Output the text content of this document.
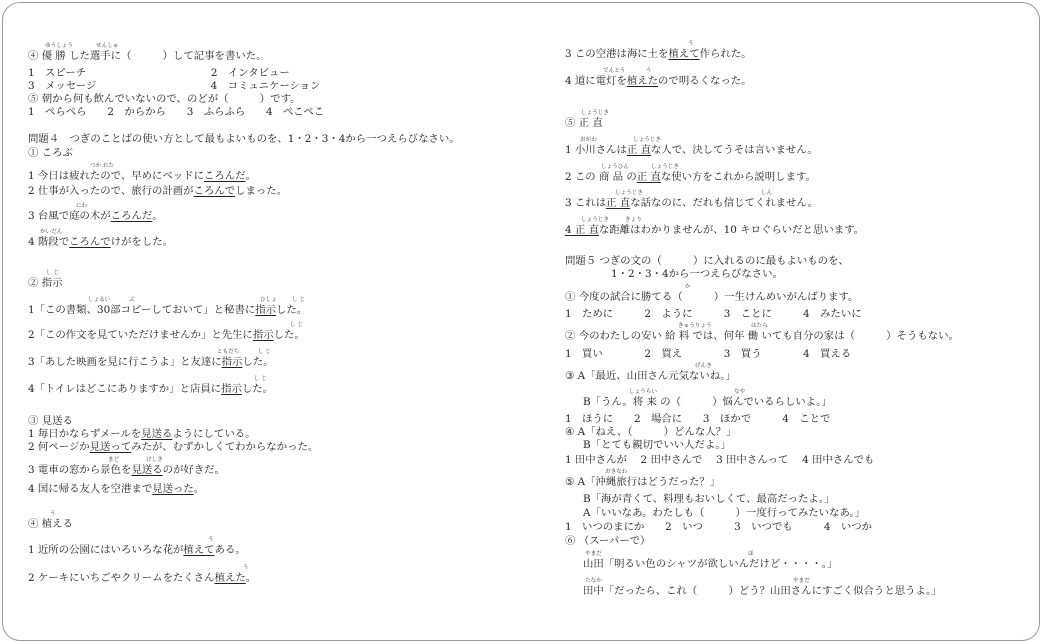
ゆうしょう	せんしゅ
④ 優 勝 した選手に（　　　）して記事を書いた。
1　スピーチ　　　　　　　　　　　　2　インタビュー
3　メッセージ　　　　　　　　　　　4　コミュニケーション
⑤ 朝から何も飲んでいないので、のどが（　　　）です。
1　ぺらぺら　　2　からから　　3　ふらふら　　4　ぺこぺこ
問題４　つぎのことばの使い方として最もよいものを、1・2・3・4から一つえらびなさい。
① ころぶ
つか れた
1 今日は疲れたので、早めにベッドにころんだ。
2 仕事が入ったので、旅行の計画がころんでしまった。
にわ
3 台風で庭の木がころんだ。
かいだん
4 階段でころんでけがをした。
し じ
② 指示
しょるい	ぶ	ひしょ	し じ
1「この書類、30部コピーしておいて」と秘書に指示した。
し じ
2「この作文を見ていただけませんか」と先生に指示した。
ともだち	し じ
3「あした映画を見に行こうよ」と友達に指示した。
し じ
4「トイレはどこにありますか」と店員に指示した。
③ 見送る
1 毎日かならずメールを見送るようにしている。
2 何ページか見送ってみたが、むずかしくてわからなかった。
まど	けしき
3 電車の窓から景色を見送るのが好きだ。
4 国に帰る友人を空港まで見送った。
う
④ 植える
う
1 近所の公園にはいろいろな花が植えてある。
う
2 ケーキにいちごやクリームをたくさん植えた。
う
3 この空港は海に土を植えて作られた。
でんとう	う
4 道に電灯を植えたので明るくなった。
しょうじき
⑤ 正 直
おがわ	しょうじき
1 小川さんは正 直な人で、決してうそは言いません。
しょうひん	しょうじき
2 この 商 品 の正 直な使い方をこれから説明します。
しょうじき	しん
3 これは正 直な話なのに、だれも信じてくれません。
しょうじき	きょり
4 正 直な距離はわかりませんが、10 キロぐらいだと思います。
問題５ つぎの文の（　　　）に入れるのに最もよいものを、
1・2・3・4から一つえらびなさい。
か
① 今度の試合に勝てる（　　　）一生けんめいがんばります。
1　ために　　　2　ように　　　3　ことに　　　4　みたいに
きゅうりょう	はたら
② 今のわたしの安い 給 料 では、何年 働 いても自分の家は（　　　）そうもない。
1　買い　　　　2　買え　　　　3　買う　　　　4　買える
げんき
③ A「最近、山田さん元気ないね。」
しょうらい	なや
B「うん。将 来 の（　　　）悩んでいるらしいよ。」
1　ほうに　　2　場合に　　3　ほかで　　　4　ことで
④ A「ねえ、（　　　）どんな人？」
B「とても親切でいい人だよ。」
1 田中さんが　 2 田中さんで　 3 田中さんって　 4 田中さんでも
おきなわ
⑤ A「沖縄旅行はどうだった？」
B「海が青くて、料理もおいしくて、最高だったよ。」
A「いいなあ。わたしも（　　　）一度行ってみたいなあ。」
1　いつのまにか　　2　いつ　　　3　いつでも　　　4　いつか
⑥ （スーパーで）
やまだ	ほ
山田「明るい色のシャツが欲しいんだけど・・・・。」
たなか	やまだ
田中「だったら、これ（　　　）どう？山田さんにすごく似合うと思うよ。」
